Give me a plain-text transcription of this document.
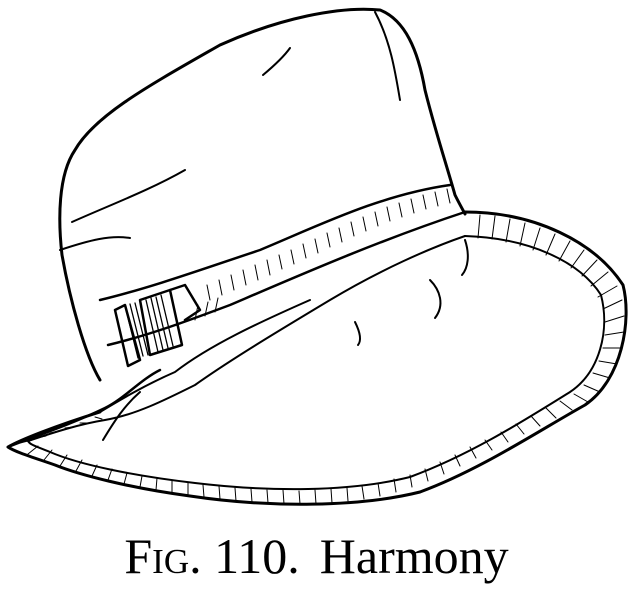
Fig. 110. Harmony
